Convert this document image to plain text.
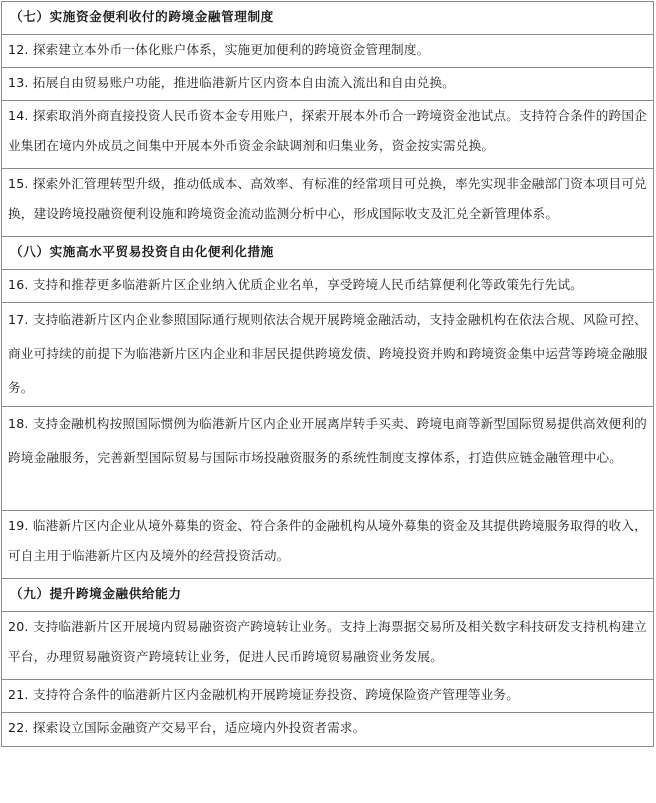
（七）实施资金便利收付的跨境金融管理制度
12. 探索建立本外币一体化账户体系，实施更加便利的跨境资金管理制度。
13. 拓展自由贸易账户功能，推进临港新片区内资本自由流入流出和自由兑换。
14. 探索取消外商直接投资人民币资本金专用账户，探索开展本外币合一跨境资金池试点。支持符合条件的跨国企业集团在境内外成员之间集中开展本外币资金余缺调剂和归集业务，资金按实需兑换。
15. 探索外汇管理转型升级，推动低成本、高效率、有标准的经常项目可兑换，率先实现非金融部门资本项目可兑换，建设跨境投融资便利设施和跨境资金流动监测分析中心，形成国际收支及汇兑全新管理体系。
（八）实施高水平贸易投资自由化便利化措施
16. 支持和推荐更多临港新片区企业纳入优质企业名单，享受跨境人民币结算便利化等政策先行先试。
17. 支持临港新片区内企业参照国际通行规则依法合规开展跨境金融活动，支持金融机构在依法合规、风险可控、商业可持续的前提下为临港新片区内企业和非居民提供跨境发债、跨境投资并购和跨境资金集中运营等跨境金融服务。
18. 支持金融机构按照国际惯例为临港新片区内企业开展离岸转手买卖、跨境电商等新型国际贸易提供高效便利的跨境金融服务，完善新型国际贸易与国际市场投融资服务的系统性制度支撑体系，打造供应链金融管理中心。
19. 临港新片区内企业从境外募集的资金、符合条件的金融机构从境外募集的资金及其提供跨境服务取得的收入，可自主用于临港新片区内及境外的经营投资活动。
（九）提升跨境金融供给能力
20. 支持临港新片区开展境内贸易融资资产跨境转让业务。支持上海票据交易所及相关数字科技研发支持机构建立平台，办理贸易融资资产跨境转让业务，促进人民币跨境贸易融资业务发展。
21. 支持符合条件的临港新片区内金融机构开展跨境证券投资、跨境保险资产管理等业务。
22. 探索设立国际金融资产交易平台，适应境内外投资者需求。
